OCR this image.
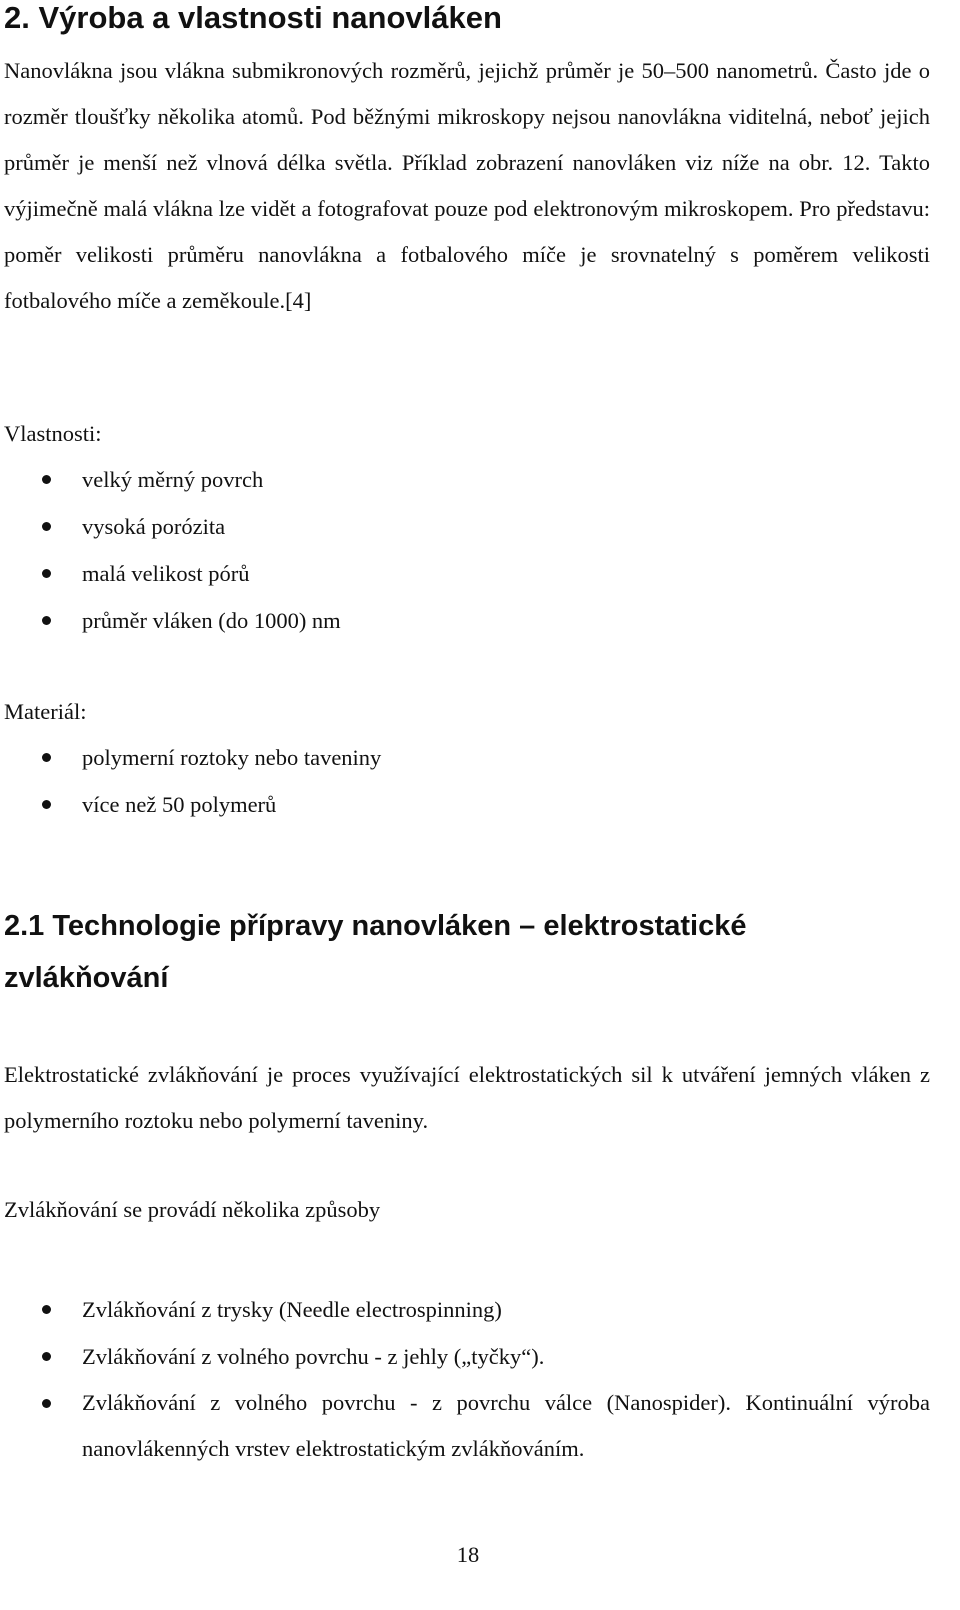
2. Výroba a vlastnosti nanovláken

Nanovlákna jsou vlákna submikronových rozměrů, jejichž průměr je 50–500 nanometrů. Často jde o rozměr tloušťky několika atomů. Pod běžnými mikroskopy nejsou nanovlákna viditelná, neboť jejich průměr je menší než vlnová délka světla. Příklad zobrazení nanovláken viz níže na obr. 12. Takto výjimečně malá vlákna lze vidět a fotografovat pouze pod elektronovým mikroskopem. Pro představu: poměr velikosti průměru nanovlákna a fotbalového míče je srovnatelný s poměrem velikosti fotbalového míče a zeměkoule.[4]

Vlastnosti:

velký měrný povrch
vysoká porózita
malá velikost pórů
průměr vláken (do 1000) nm

Materiál:

polymerní roztoky nebo taveniny
více než 50 polymerů
2.1 Technologie přípravy nanovláken – elektrostatické zvlákňování

Elektrostatické zvlákňování je proces využívající elektrostatických sil k utváření jemných vláken z polymerního roztoku nebo polymerní taveniny.

Zvlákňování se provádí několika způsoby

Zvlákňování z trysky (Needle electrospinning)
Zvlákňování z volného povrchu - z jehly („tyčky“).
Zvlákňování z volného povrchu - z povrchu válce (Nanospider). Kontinuální výroba nanovlákenných vrstev elektrostatickým zvlákňováním.
18
